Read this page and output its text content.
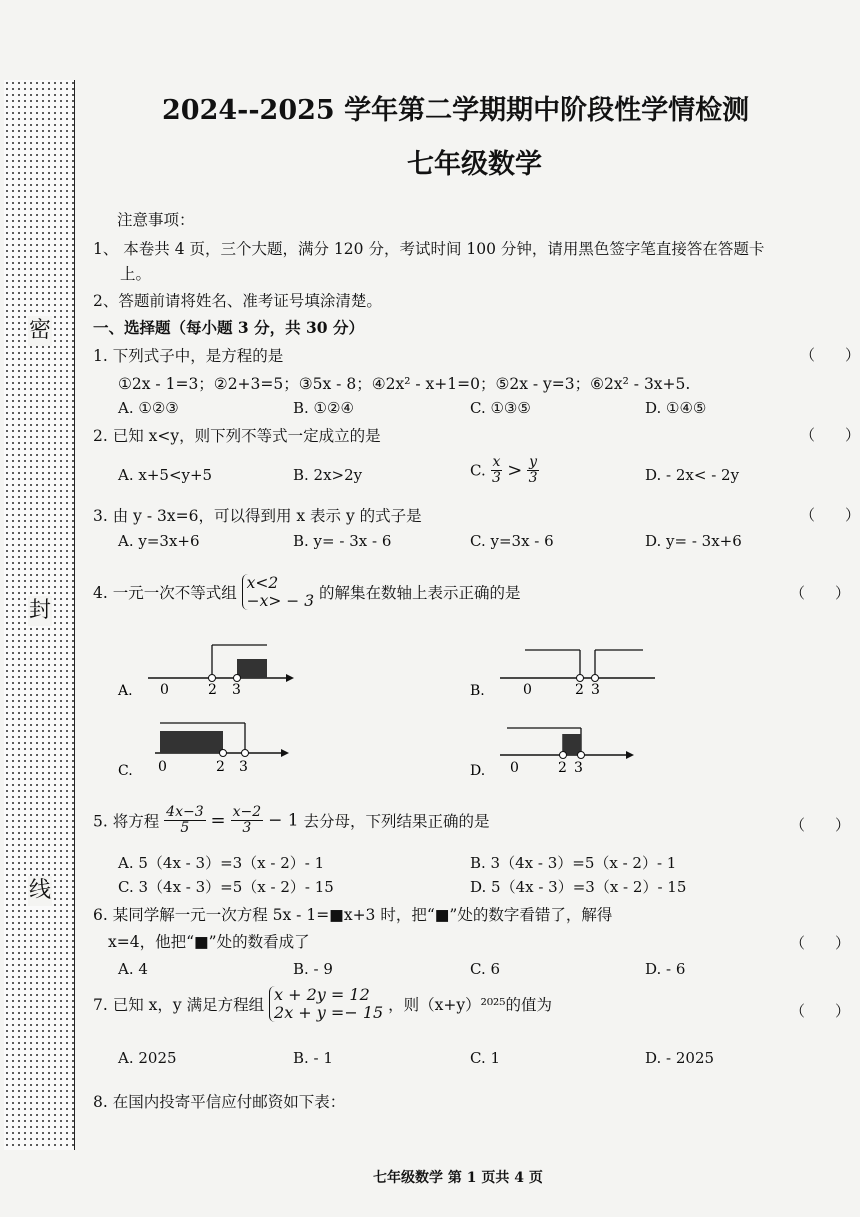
密
封
线
2024--2025 学年第二学期期中阶段性学情检测
七年级数学
注意事项：
1、 本卷共 4 页，三个大题，满分 120 分，考试时间 100 分钟，请用黑色签字笔直接答在答题卡
上。
2、答题前请将姓名、准考证号填涂清楚。
一、选择题（每小题 3 分，共 30 分）
1. 下列式子中，是方程的是	（　　）
①2x - 1=3；②2+3=5；③5x - 8；④2x² - x+1=0；⑤2x - y=3；⑥2x² - 3x+5.
A. ①②③	B. ①②④	C. ①③⑤	D. ①④⑤
2. 已知 x<y，则下列不等式一定成立的是	（　　）
A. x+5<y+5	B. 2x>2y	C. $\frac{x}{3} > \frac{y}{3}$	D. - 2x< - 2y
3. 由 y - 3x=6，可以得到用 x 表示 y 的式子是	（　　）
A. y=3x+6	B. y= - 3x - 6	C. y=3x - 6	D. y= - 3x+6
4. 一元一次不等式组
x<2
−x> − 3 的解集在数轴上表示正确的是	（　　）
A. 0	2 3	B.	0	2 3
C. 0	2 3	D. 0	2 3
5. 将方程 $\frac{4x-3}{5} = \frac{x-2}{3} - 1$ 去分母，下列结果正确的是	（　　）
A. 5（4x - 3）=3（x - 2）- 1	B. 3（4x - 3）=5（x - 2）- 1
C. 3（4x - 3）=5（x - 2）- 15	D. 5（4x - 3）=3（x - 2）- 15
6. 某同学解一元一次方程 5x - 1=■x+3 时，把“■”处的数字看错了，解得
x=4，他把“■”处的数看成了	（　　）
A. 4	B. - 9	C. 6	D. - 6
7. 已知 x，y 满足方程组
x + 2y = 12
2x + y =− 15 ，则（x+y）²⁰²⁵的值为	（　　）
A. 2025	B. - 1	C. 1	D. - 2025
8. 在国内投寄平信应付邮资如下表：
七年级数学 第 1 页共 4 页
